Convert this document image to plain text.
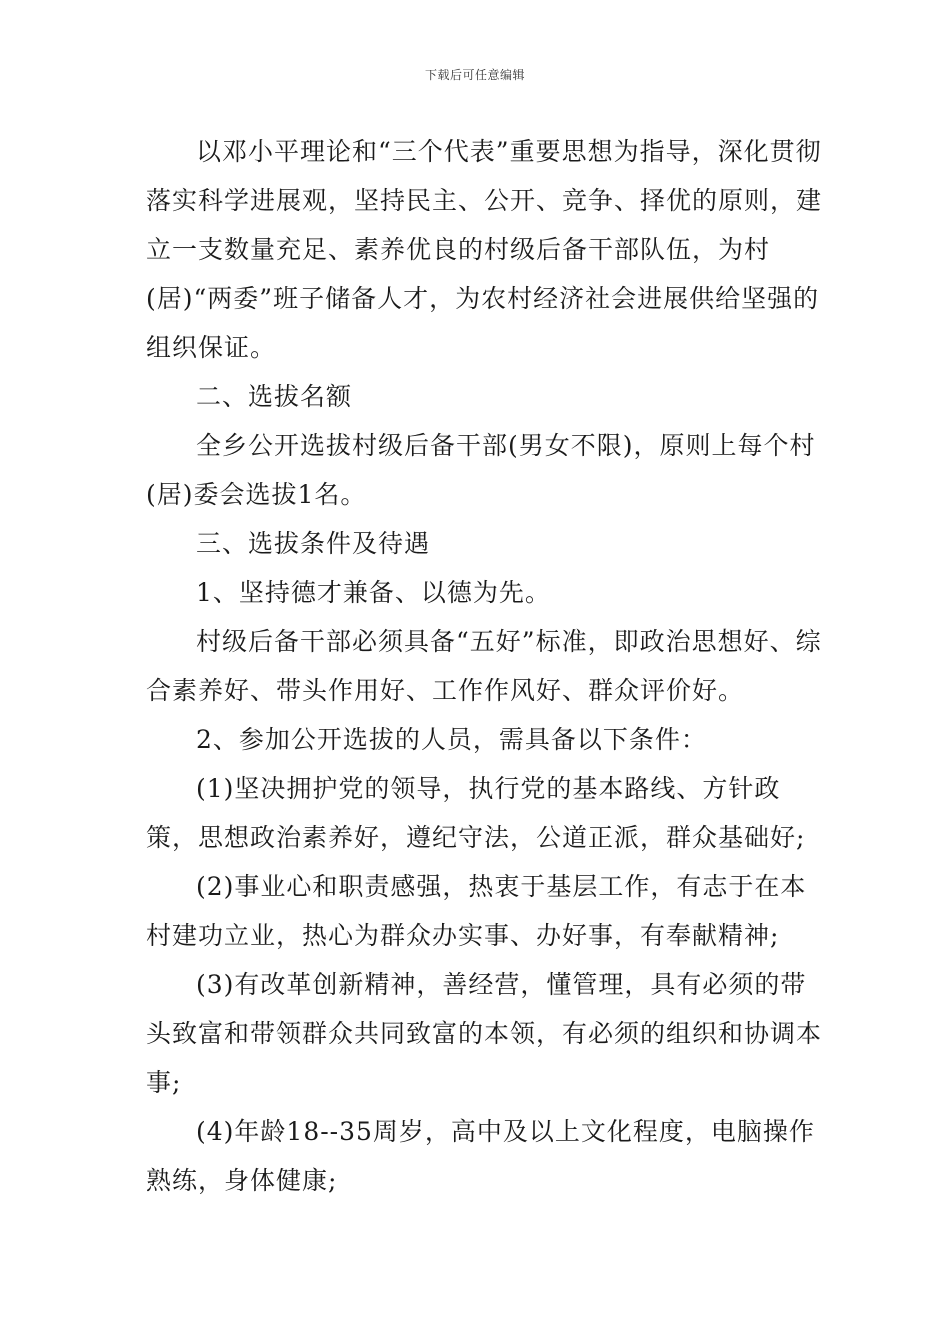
下载后可任意编辑

以邓小平理论和“三个代表”重要思想为指导，深化贯彻落实科学进展观，坚持民主、公开、竞争、择优的原则，建立一支数量充足、素养优良的村级后备干部队伍，为村(居)“两委”班子储备人才，为农村经济社会进展供给坚强的组织保证。

二、选拔名额

全乡公开选拔村级后备干部(男女不限)，原则上每个村(居)委会选拔1名。

三、选拔条件及待遇

1、坚持德才兼备、以德为先。

村级后备干部必须具备“五好”标准，即政治思想好、综合素养好、带头作用好、工作作风好、群众评价好。

2、参加公开选拔的人员，需具备以下条件：

(1)坚决拥护党的领导，执行党的基本路线、方针政策，思想政治素养好，遵纪守法，公道正派，群众基础好;

(2)事业心和职责感强，热衷于基层工作，有志于在本村建功立业，热心为群众办实事、办好事，有奉献精神;

(3)有改革创新精神，善经营，懂管理，具有必须的带头致富和带领群众共同致富的本领，有必须的组织和协调本事;

(4)年龄18--35周岁，高中及以上文化程度，电脑操作熟练，身体健康;
